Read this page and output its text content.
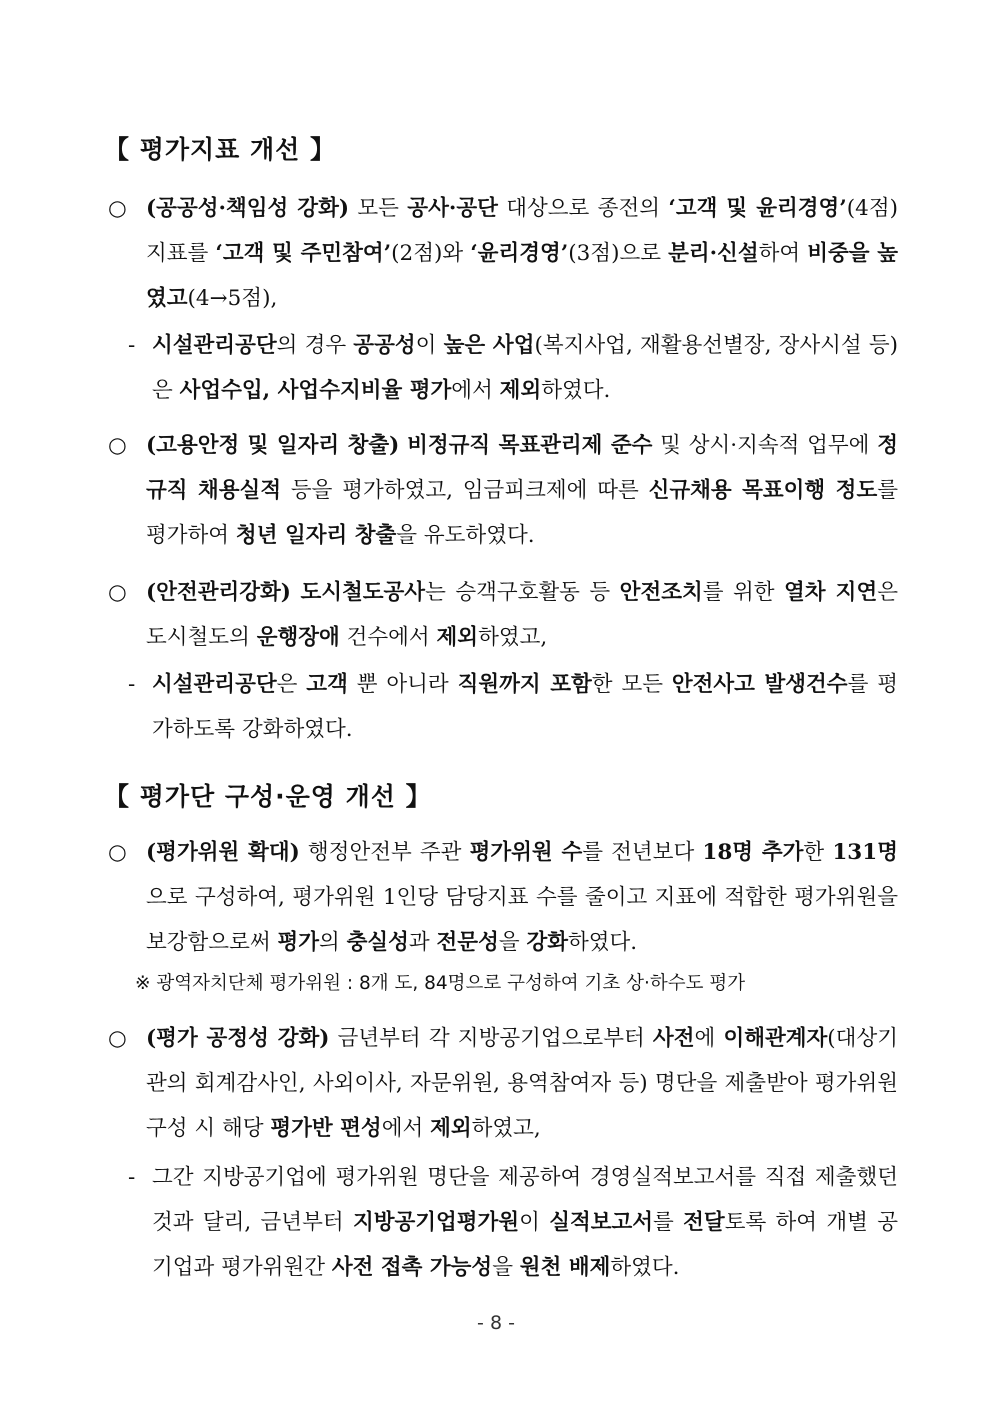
【 평가지표 개선 】
○ (공공성·책임성 강화) 모든 공사·공단 대상으로 종전의 ‘고객 및 윤리경영’(4점) 지표를 ‘고객 및 주민참여’(2점)와 ‘윤리경영’(3점)으로 분리·신설하여 비중을 높였고(4→5점),
- 시설관리공단의 경우 공공성이 높은 사업(복지사업, 재활용선별장, 장사시설 등)은 사업수입, 사업수지비율 평가에서 제외하였다.
○ (고용안정 및 일자리 창출) 비정규직 목표관리제 준수 및 상시·지속적 업무에 정규직 채용실적 등을 평가하였고, 임금피크제에 따른 신규채용 목표이행 정도를 평가하여 청년 일자리 창출을 유도하였다.
○ (안전관리강화) 도시철도공사는 승객구호활동 등 안전조치를 위한 열차 지연은 도시철도의 운행장애 건수에서 제외하였고,
- 시설관리공단은 고객 뿐 아니라 직원까지 포함한 모든 안전사고 발생건수를 평가하도록 강화하였다.
【 평가단 구성·운영 개선 】
○ (평가위원 확대) 행정안전부 주관 평가위원 수를 전년보다 18명 추가한 131명으로 구성하여, 평가위원 1인당 담당지표 수를 줄이고 지표에 적합한 평가위원을 보강함으로써 평가의 충실성과 전문성을 강화하였다.
※ 광역자치단체 평가위원 : 8개 도, 84명으로 구성하여 기초 상·하수도 평가
○ (평가 공정성 강화) 금년부터 각 지방공기업으로부터 사전에 이해관계자(대상기관의 회계감사인, 사외이사, 자문위원, 용역참여자 등) 명단을 제출받아 평가위원 구성 시 해당 평가반 편성에서 제외하였고,
- 그간 지방공기업에 평가위원 명단을 제공하여 경영실적보고서를 직접 제출했던 것과 달리, 금년부터 지방공기업평가원이 실적보고서를 전달토록 하여 개별 공기업과 평가위원간 사전 접촉 가능성을 원천 배제하였다.
- 8 -
